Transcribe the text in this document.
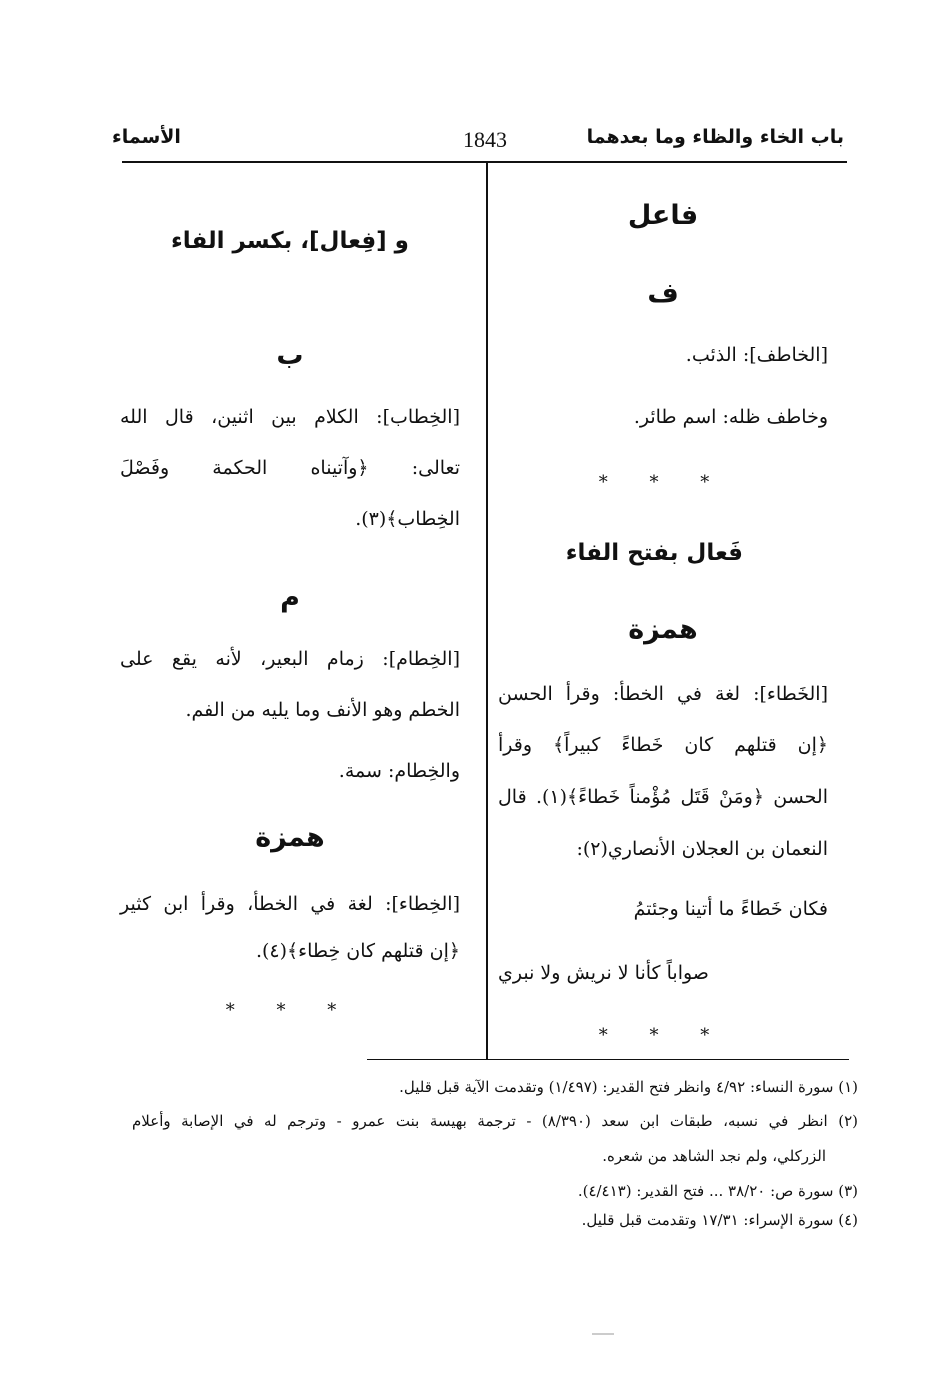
باب الخاء والظاء وما بعدهما
1843
الأسماء
فاعل
ف
[الخاطف]: الذئب.
وخاطف ظله: اسم طائر.
* * *
فَعال بفتح الفاء
همزة
[الخَطاء]: لغة في الخطأ: وقرأ الحسن
﴿إن قتلهم كان خَطاءً كبيراً﴾ وقرأ
الحسن ﴿ومَنْ قَتَل مُؤْمناً خَطاءً﴾(١). قال
النعمان بن العجلان الأنصاري(٢):
فكان خَطاءً ما أتينا وجئتمُ
صواباً كأنا لا نريش ولا نبري
* * *
و [فِعال]، بكسر الفاء
ب
[الخِطاب]: الكلام بين اثنين، قال الله
تعالى: ﴿وآتيناه الحكمة وفَصْلَ
الخِطاب﴾(٣).
م
[الخِطام]: زمام البعير، لأنه يقع على
الخطم وهو الأنف وما يليه من الفم.
والخِطام: سمة.
همزة
[الخِطاء]: لغة في الخطأ، وقرأ ابن كثير
﴿إن قتلهم كان خِطاء﴾(٤).
* * *
(١) سورة النساء: ٤/٩٢ وانظر فتح القدير: (١/٤٩٧) وتقدمت الآية قبل قليل.
(٢) انظر في نسبه، طبقات ابن سعد (٨/٣٩٠) - ترجمة بهيسة بنت عمرو - وترجم له في الإصابة وأعلام
الزركلي، ولم نجد الشاهد من شعره.
(٣) سورة ص: ٣٨/٢٠ ... فتح القدير: (٤/٤١٣).
(٤) سورة الإسراء: ١٧/٣١ وتقدمت قبل قليل.
